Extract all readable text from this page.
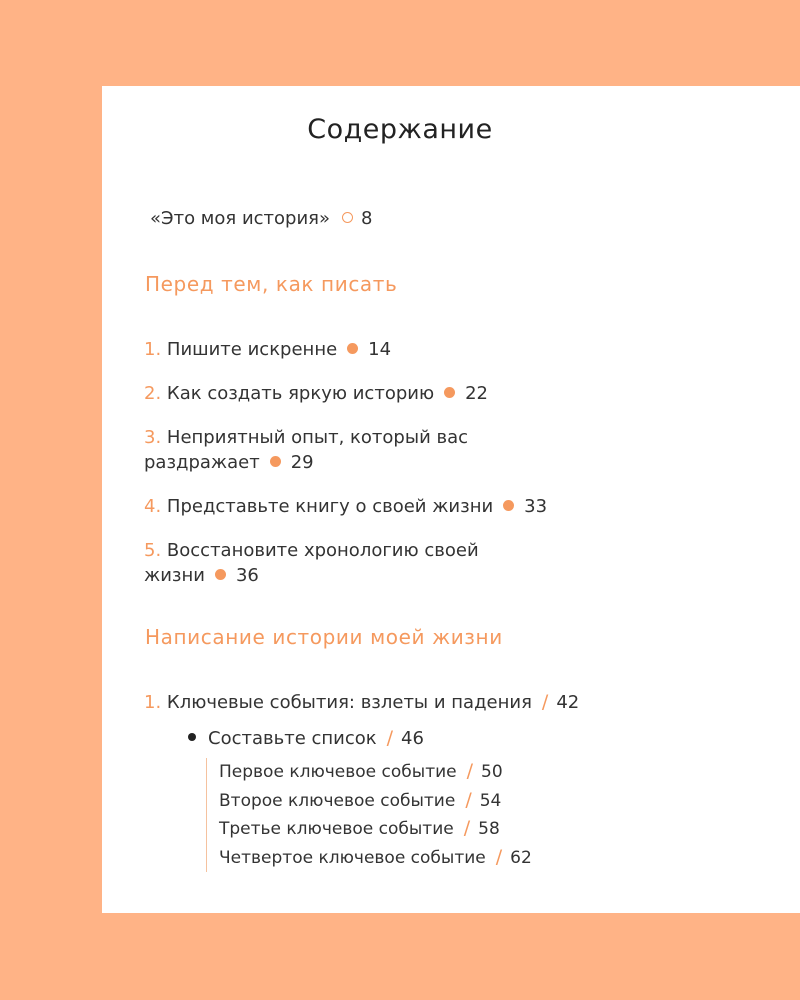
Содержание
«Это моя история» 8
Перед тем, как писать
1. Пишите искренне 14
2. Как создать яркую историю 22
3. Неприятный опыт, который вас
раздражает 29
4. Представьте книгу о своей жизни 33
5. Восстановите хронологию своей
жизни 36
Написание истории моей жизни
1. Ключевые события: взлеты и падения / 42
Составьте список / 46
Первое ключевое событие / 50
Второе ключевое событие / 54
Третье ключевое событие / 58
Четвертое ключевое событие / 62
